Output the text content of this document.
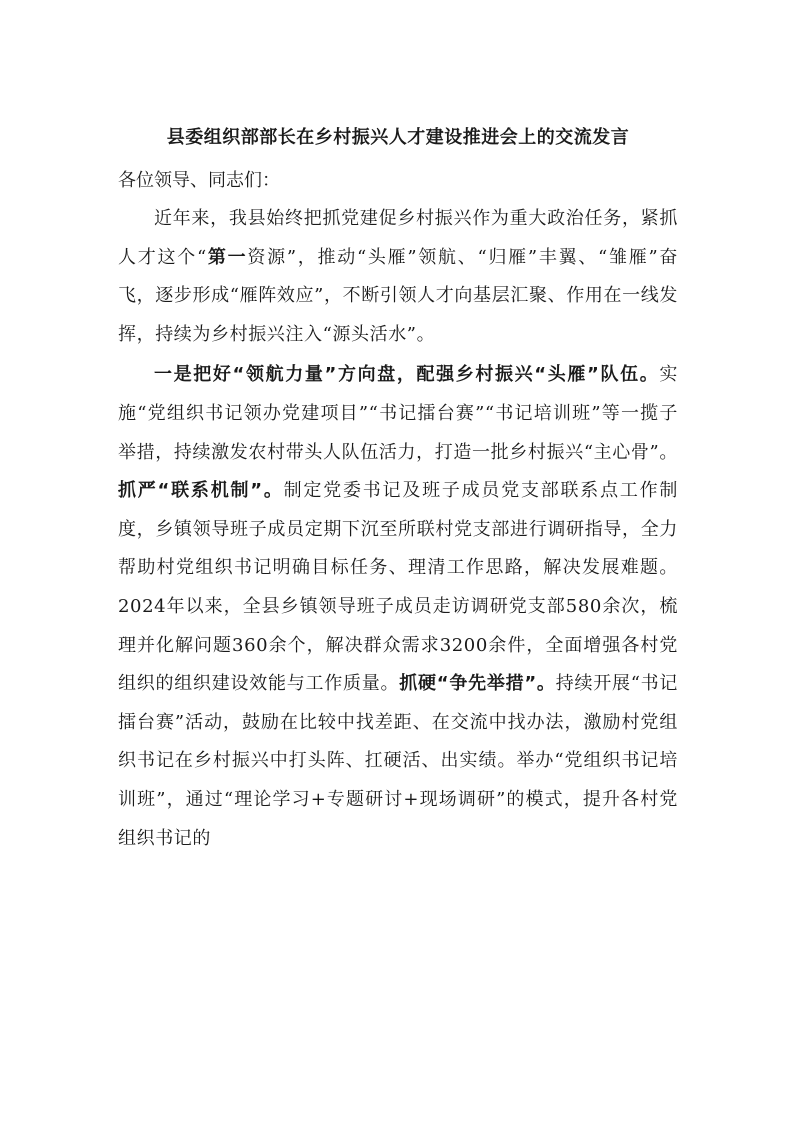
县委组织部部长在乡村振兴人才建设推进会上的交流发言

各位领导、同志们：

近年来，我县始终把抓党建促乡村振兴作为重大政治任务，紧抓人才这个“第一资源”，推动“头雁”领航、“归雁”丰翼、“雏雁”奋飞，逐步形成“雁阵效应”，不断引领人才向基层汇聚、作用在一线发挥，持续为乡村振兴注入“源头活水”。

一是把好“领航力量”方向盘，配强乡村振兴“头雁”队伍。实施“党组织书记领办党建项目”“书记擂台赛”“书记培训班”等一揽子举措，持续激发农村带头人队伍活力，打造一批乡村振兴“主心骨”。抓严“联系机制”。制定党委书记及班子成员党支部联系点工作制度，乡镇领导班子成员定期下沉至所联村党支部进行调研指导，全力帮助村党组织书记明确目标任务、理清工作思路，解决发展难题。2024年以来，全县乡镇领导班子成员走访调研党支部580余次，梳理并化解问题360余个，解决群众需求3200余件，全面增强各村党组织的组织建设效能与工作质量。抓硬“争先举措”。持续开展“书记擂台赛”活动，鼓励在比较中找差距、在交流中找办法，激励村党组织书记在乡村振兴中打头阵、扛硬活、出实绩。举办“党组织书记培训班”，通过“理论学习+专题研讨+现场调研”的模式，提升各村党组织书记的
